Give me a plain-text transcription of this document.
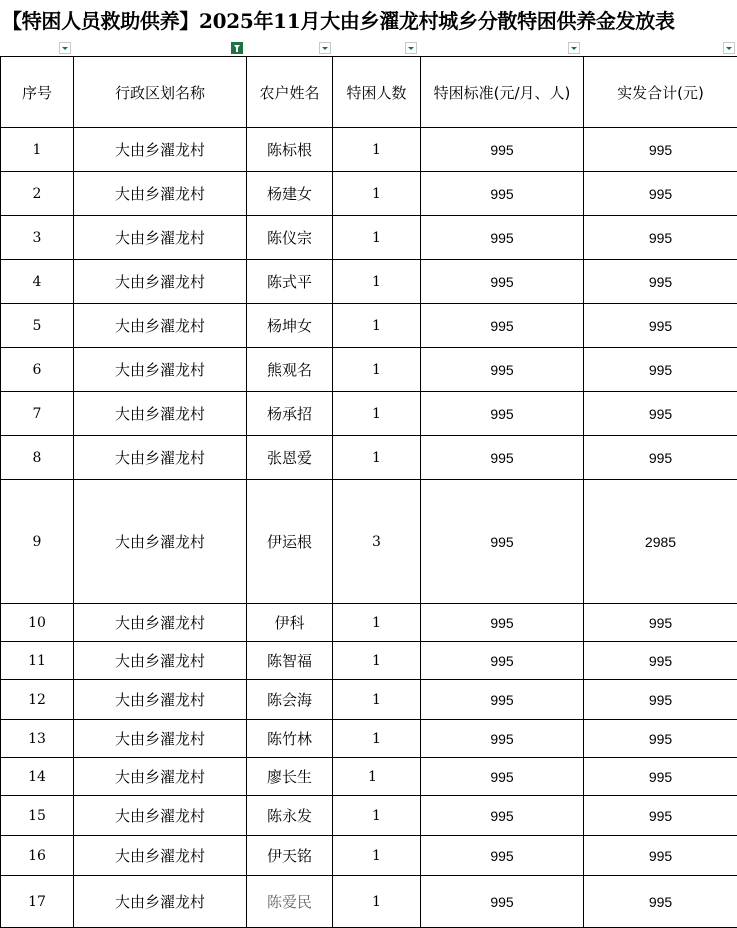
【特困人员救助供养】2025年11月大由乡濯龙村城乡分散特困供养金发放表
序号	行政区划名称	农户姓名	特困人数	特困标准(元/月、人)	实发合计(元)
1	大由乡濯龙村	陈标根	1	995	995
2	大由乡濯龙村	杨建女	1	995	995
3	大由乡濯龙村	陈仪宗	1	995	995
4	大由乡濯龙村	陈式平	1	995	995
5	大由乡濯龙村	杨坤女	1	995	995
6	大由乡濯龙村	熊观名	1	995	995
7	大由乡濯龙村	杨承招	1	995	995
8	大由乡濯龙村	张恩爱	1	995	995
9	大由乡濯龙村	伊运根	3	995	2985
10	大由乡濯龙村	伊科	1	995	995
11	大由乡濯龙村	陈智福	1	995	995
12	大由乡濯龙村	陈会海	1	995	995
13	大由乡濯龙村	陈竹林	1	995	995
14	大由乡濯龙村	廖长生	1	995	995
15	大由乡濯龙村	陈永发	1	995	995
16	大由乡濯龙村	伊天铭	1	995	995
17	大由乡濯龙村	陈爱民	1	995	995
